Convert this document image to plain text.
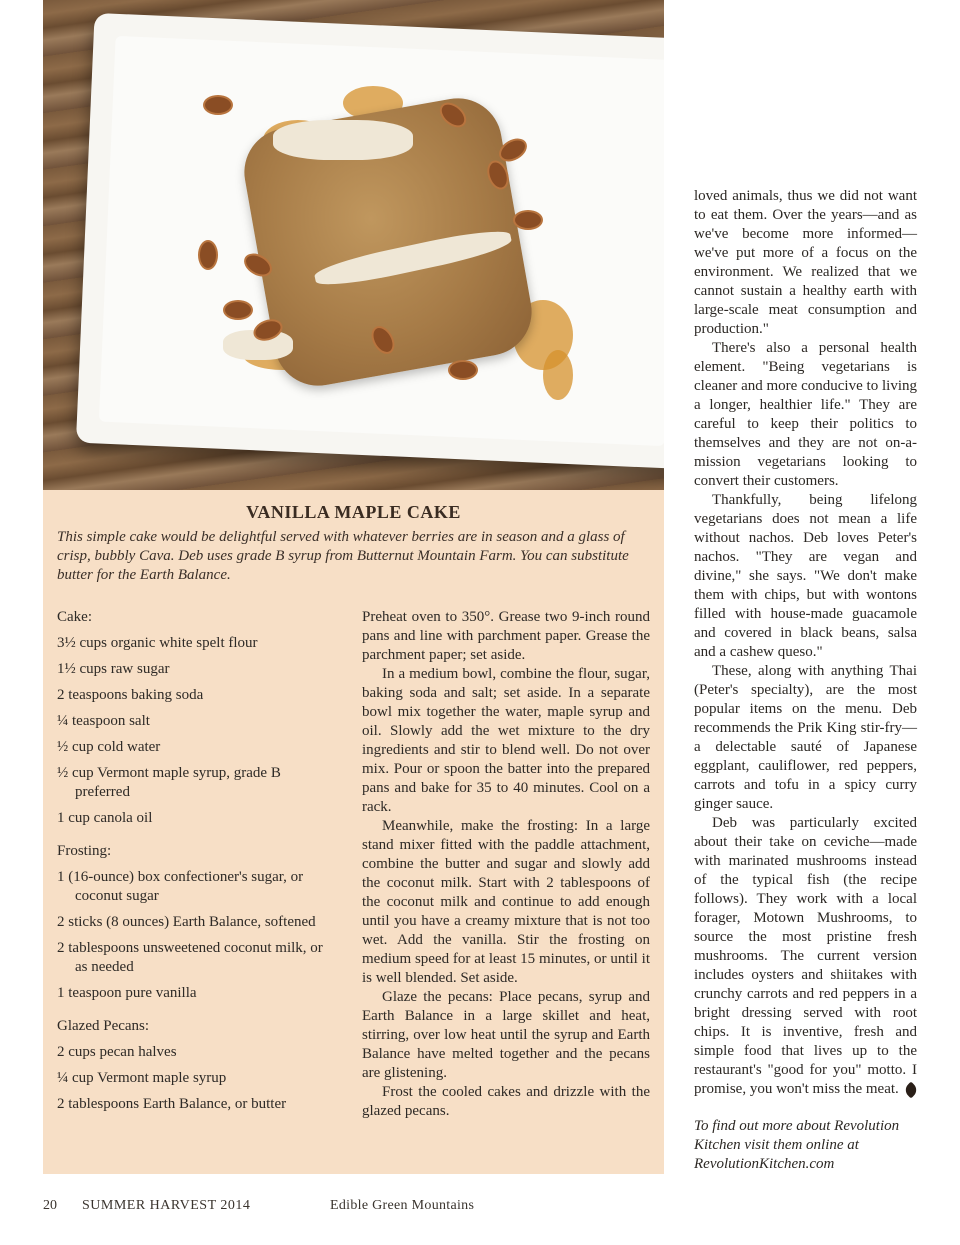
VANILLA MAPLE CAKE
This simple cake would be delightful served with whatever berries are in season and a glass of crisp, bubbly Cava. Deb uses grade B syrup from Butternut Mountain Farm. You can substitute butter for the Earth Balance.
Cake:
3½ cups organic white spelt flour
1½ cups raw sugar
2 teaspoons baking soda
¼ teaspoon salt
½ cup cold water
½ cup Vermont maple syrup, grade B preferred
1 cup canola oil
Frosting:
1 (16-ounce) box confectioner's sugar, or coconut sugar
2 sticks (8 ounces) Earth Balance, softened
2 tablespoons unsweetened coconut milk, or as needed
1 teaspoon pure vanilla
Glazed Pecans:
2 cups pecan halves
¼ cup Vermont maple syrup
2 tablespoons Earth Balance, or butter

Preheat oven to 350°. Grease two 9-inch round pans and line with parchment paper. Grease the parchment paper; set aside.

In a medium bowl, combine the flour, sugar, baking soda and salt; set aside. In a separate bowl mix together the water, maple syrup and oil. Slowly add the wet mixture to the dry ingredients and stir to blend well. Do not over mix. Pour or spoon the batter into the prepared pans and bake for 35 to 40 minutes. Cool on a rack.

Meanwhile, make the frosting: In a large stand mixer fitted with the paddle attachment, combine the butter and sugar and slowly add the coconut milk. Start with 2 tablespoons of the coconut milk and continue to add enough until you have a creamy mixture that is not too wet. Add the vanilla. Stir the frosting on medium speed for at least 15 minutes, or until it is well blended. Set aside.

Glaze the pecans: Place pecans, syrup and Earth Balance in a large skillet and heat, stirring, over low heat until the syrup and Earth Balance have melted together and the pecans are glistening.

Frost the cooled cakes and drizzle with the glazed pecans.

loved animals, thus we did not want to eat them. Over the years—and as we've become more informed—we've put more of a focus on the environment. We realized that we cannot sustain a healthy earth with large-scale meat consumption and production."

There's also a personal health element. "Being vegetarians is cleaner and more conducive to living a longer, healthier life." They are careful to keep their politics to themselves and they are not on-a-mission vegetarians looking to convert their customers.

Thankfully, being lifelong vegetarians does not mean a life without nachos. Deb loves Peter's nachos. "They are vegan and divine," she says. "We don't make them with chips, but with wontons filled with house-made guacamole and covered in black beans, salsa and a cashew queso."

These, along with anything Thai (Peter's specialty), are the most popular items on the menu. Deb recommends the Prik King stir-fry—a delectable sauté of Japanese eggplant, cauliflower, red peppers, carrots and tofu in a spicy curry ginger sauce.

Deb was particularly excited about their take on ceviche—made with marinated mushrooms instead of the typical fish (the recipe follows). They work with a local forager, Motown Mushrooms, to source the most pristine fresh mushrooms. The current version includes oysters and shiitakes with crunchy carrots and red peppers in a bright dressing served with root chips. It is inventive, fresh and simple food that lives up to the restaurant's "good for you" motto. I promise, you won't miss the meat.

To find out more about Revolution Kitchen visit them online at RevolutionKitchen.com
20 SUMMER HARVEST 2014	Edible Green Mountains
